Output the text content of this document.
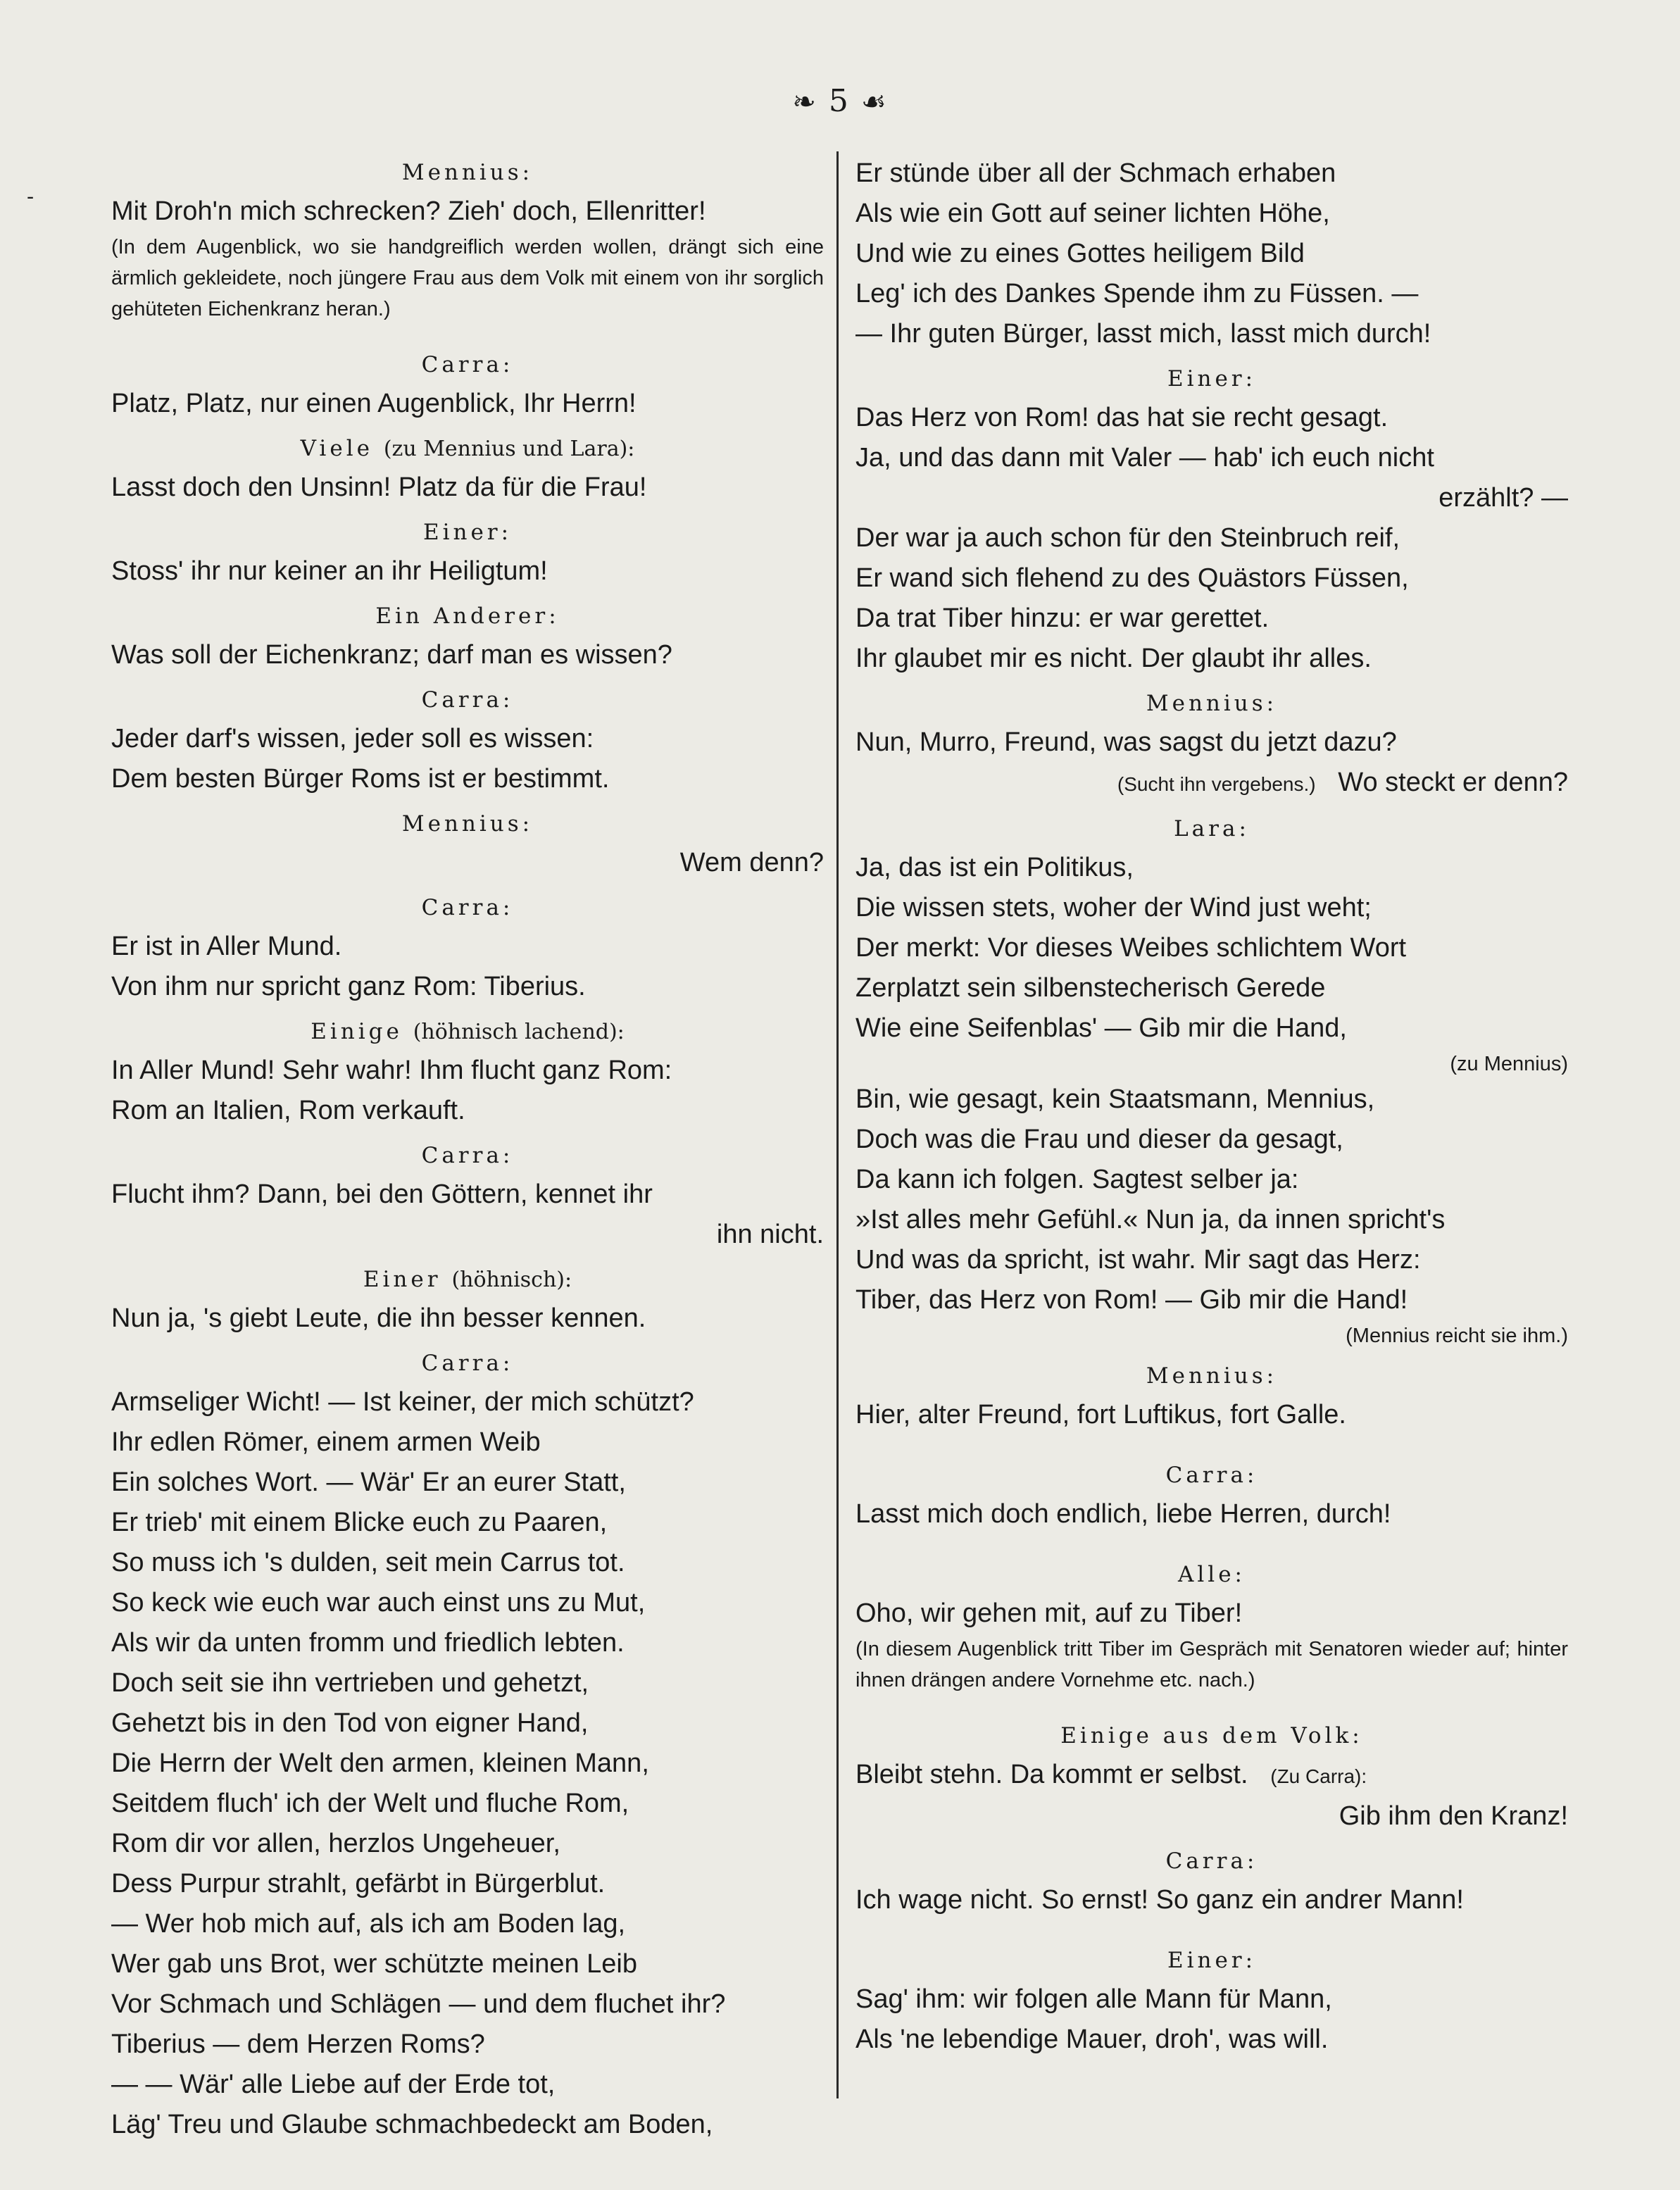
-
❧ 5 ☙
Mennius:
Mit Droh'n mich schrecken? Zieh' doch, Ellenritter!
(In dem Augenblick, wo sie handgreiflich werden wollen, drängt sich eine ärmlich gekleidete, noch jüngere Frau aus dem Volk mit einem von ihr sorglich gehüteten Eichenkranz heran.)
Carra:
Platz, Platz, nur einen Augenblick, Ihr Herrn!
Viele (zu Mennius und Lara):
Lasst doch den Unsinn! Platz da für die Frau!
Einer:
Stoss' ihr nur keiner an ihr Heiligtum!
Ein Anderer:
Was soll der Eichenkranz; darf man es wissen?
Carra:
Jeder darf's wissen, jeder soll es wissen:
Dem besten Bürger Roms ist er bestimmt.
Mennius:
Wem denn?
Carra:
Er ist in Aller Mund.
Von ihm nur spricht ganz Rom: Tiberius.
Einige (höhnisch lachend):
In Aller Mund! Sehr wahr! Ihm flucht ganz Rom:
Rom an Italien, Rom verkauft.
Carra:
Flucht ihm? Dann, bei den Göttern, kennet ihr
ihn nicht.
Einer (höhnisch):
Nun ja, 's giebt Leute, die ihn besser kennen.
Carra:
Armseliger Wicht! — Ist keiner, der mich schützt?
Ihr edlen Römer, einem armen Weib
Ein solches Wort. — Wär' Er an eurer Statt,
Er trieb' mit einem Blicke euch zu Paaren,
So muss ich 's dulden, seit mein Carrus tot.
So keck wie euch war auch einst uns zu Mut,
Als wir da unten fromm und friedlich lebten.
Doch seit sie ihn vertrieben und gehetzt,
Gehetzt bis in den Tod von eigner Hand,
Die Herrn der Welt den armen, kleinen Mann,
Seitdem fluch' ich der Welt und fluche Rom,
Rom dir vor allen, herzlos Ungeheuer,
Dess Purpur strahlt, gefärbt in Bürgerblut.
— Wer hob mich auf, als ich am Boden lag,
Wer gab uns Brot, wer schützte meinen Leib
Vor Schmach und Schlägen — und dem fluchet ihr?
Tiberius — dem Herzen Roms?
— — Wär' alle Liebe auf der Erde tot,
Läg' Treu und Glaube schmachbedeckt am Boden,
Er stünde über all der Schmach erhaben
Als wie ein Gott auf seiner lichten Höhe,
Und wie zu eines Gottes heiligem Bild
Leg' ich des Dankes Spende ihm zu Füssen. —
— Ihr guten Bürger, lasst mich, lasst mich durch!
Einer:
Das Herz von Rom! das hat sie recht gesagt.
Ja, und das dann mit Valer — hab' ich euch nicht
erzählt? —
Der war ja auch schon für den Steinbruch reif,
Er wand sich flehend zu des Quästors Füssen,
Da trat Tiber hinzu: er war gerettet.
Ihr glaubet mir es nicht. Der glaubt ihr alles.
Mennius:
Nun, Murro, Freund, was sagst du jetzt dazu?
(Sucht ihn vergebens.) Wo steckt er denn?
Lara:
Ja, das ist ein Politikus,
Die wissen stets, woher der Wind just weht;
Der merkt: Vor dieses Weibes schlichtem Wort
Zerplatzt sein silbenstecherisch Gerede
Wie eine Seifenblas' — Gib mir die Hand,
(zu Mennius)
Bin, wie gesagt, kein Staatsmann, Mennius,
Doch was die Frau und dieser da gesagt,
Da kann ich folgen. Sagtest selber ja:
»Ist alles mehr Gefühl.« Nun ja, da innen spricht's
Und was da spricht, ist wahr. Mir sagt das Herz:
Tiber, das Herz von Rom! — Gib mir die Hand!
(Mennius reicht sie ihm.)
Mennius:
Hier, alter Freund, fort Luftikus, fort Galle.
Carra:
Lasst mich doch endlich, liebe Herren, durch!
Alle:
Oho, wir gehen mit, auf zu Tiber!
(In diesem Augenblick tritt Tiber im Gespräch mit Senatoren wieder auf; hinter ihnen drängen andere Vornehme etc. nach.)
Einige aus dem Volk:
Bleibt stehn. Da kommt er selbst. (Zu Carra):
Gib ihm den Kranz!
Carra:
Ich wage nicht. So ernst! So ganz ein andrer Mann!
Einer:
Sag' ihm: wir folgen alle Mann für Mann,
Als 'ne lebendige Mauer, droh', was will.
